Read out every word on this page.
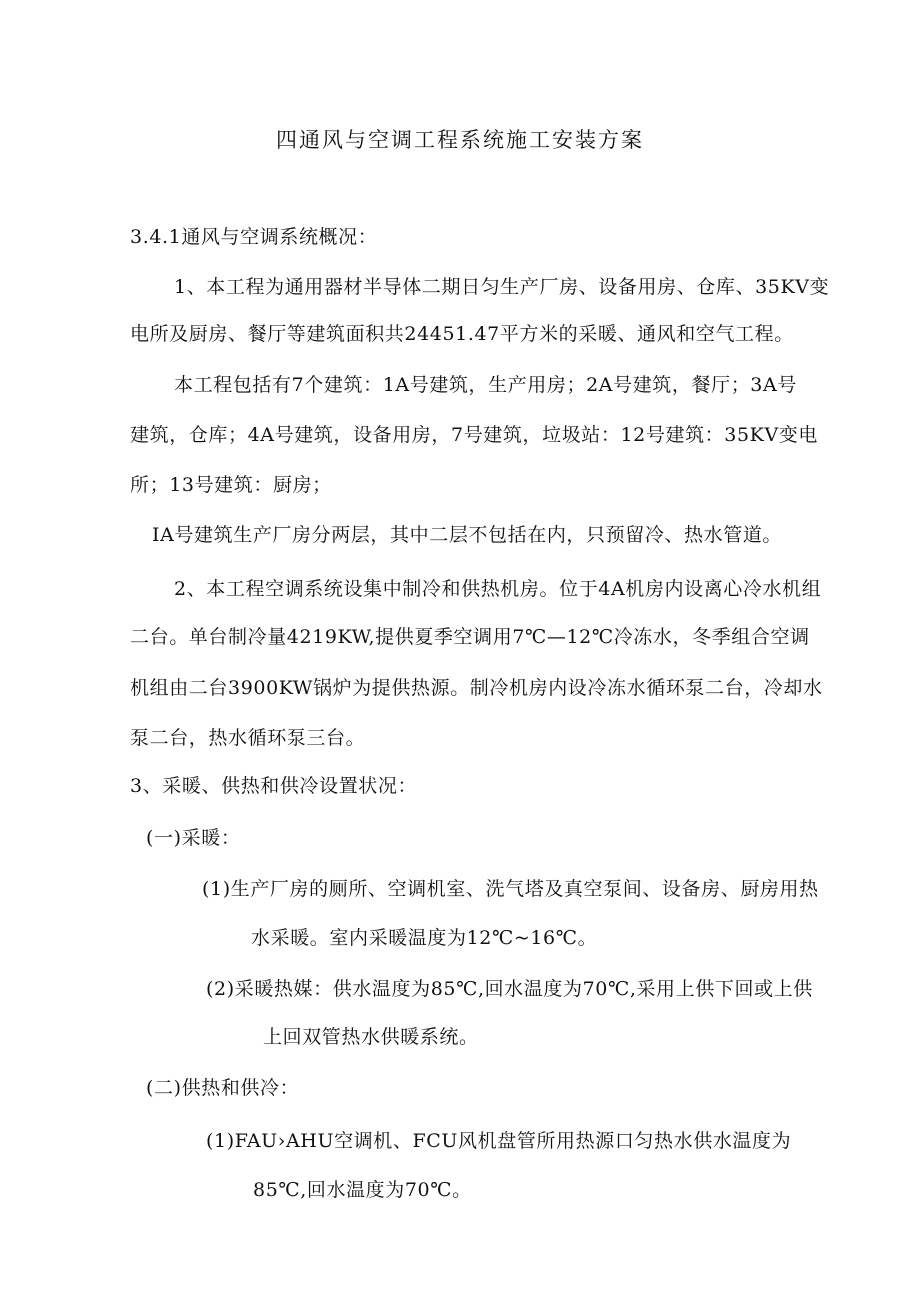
四通风与空调工程系统施工安装方案
3.4.1通风与空调系统概况：
1、本工程为通用器材半导体二期日匀生产厂房、设备用房、仓库、35KV变
电所及厨房、餐厅等建筑面积共24451.47平方米的采暖、通风和空气工程。
本工程包括有7个建筑：1A号建筑，生产用房；2A号建筑，餐厅；3A号
建筑，仓库；4A号建筑，设备用房，7号建筑，垃圾站：12号建筑：35KV变电
所；13号建筑：厨房；
IA号建筑生产厂房分两层，其中二层不包括在内，只预留冷、热水管道。
2、本工程空调系统设集中制冷和供热机房。位于4A机房内设离心冷水机组
二台。单台制冷量4219KW,提供夏季空调用7℃—12℃冷冻水，冬季组合空调
机组由二台3900KW锅炉为提供热源。制冷机房内设冷冻水循环泵二台，冷却水
泵二台，热水循环泵三台。
3、采暖、供热和供冷设置状况：
(一)采暖：
(1)生产厂房的厕所、空调机室、洗气塔及真空泵间、设备房、厨房用热
水采暖。室内采暖温度为12℃~16℃。
(2)采暖热媒：供水温度为85℃,回水温度为70℃,采用上供下回或上供
上回双管热水供暖系统。
(二)供热和供冷：
(1)FAU›AHU空调机、FCU风机盘管所用热源口匀热水供水温度为
85℃,回水温度为70℃。
